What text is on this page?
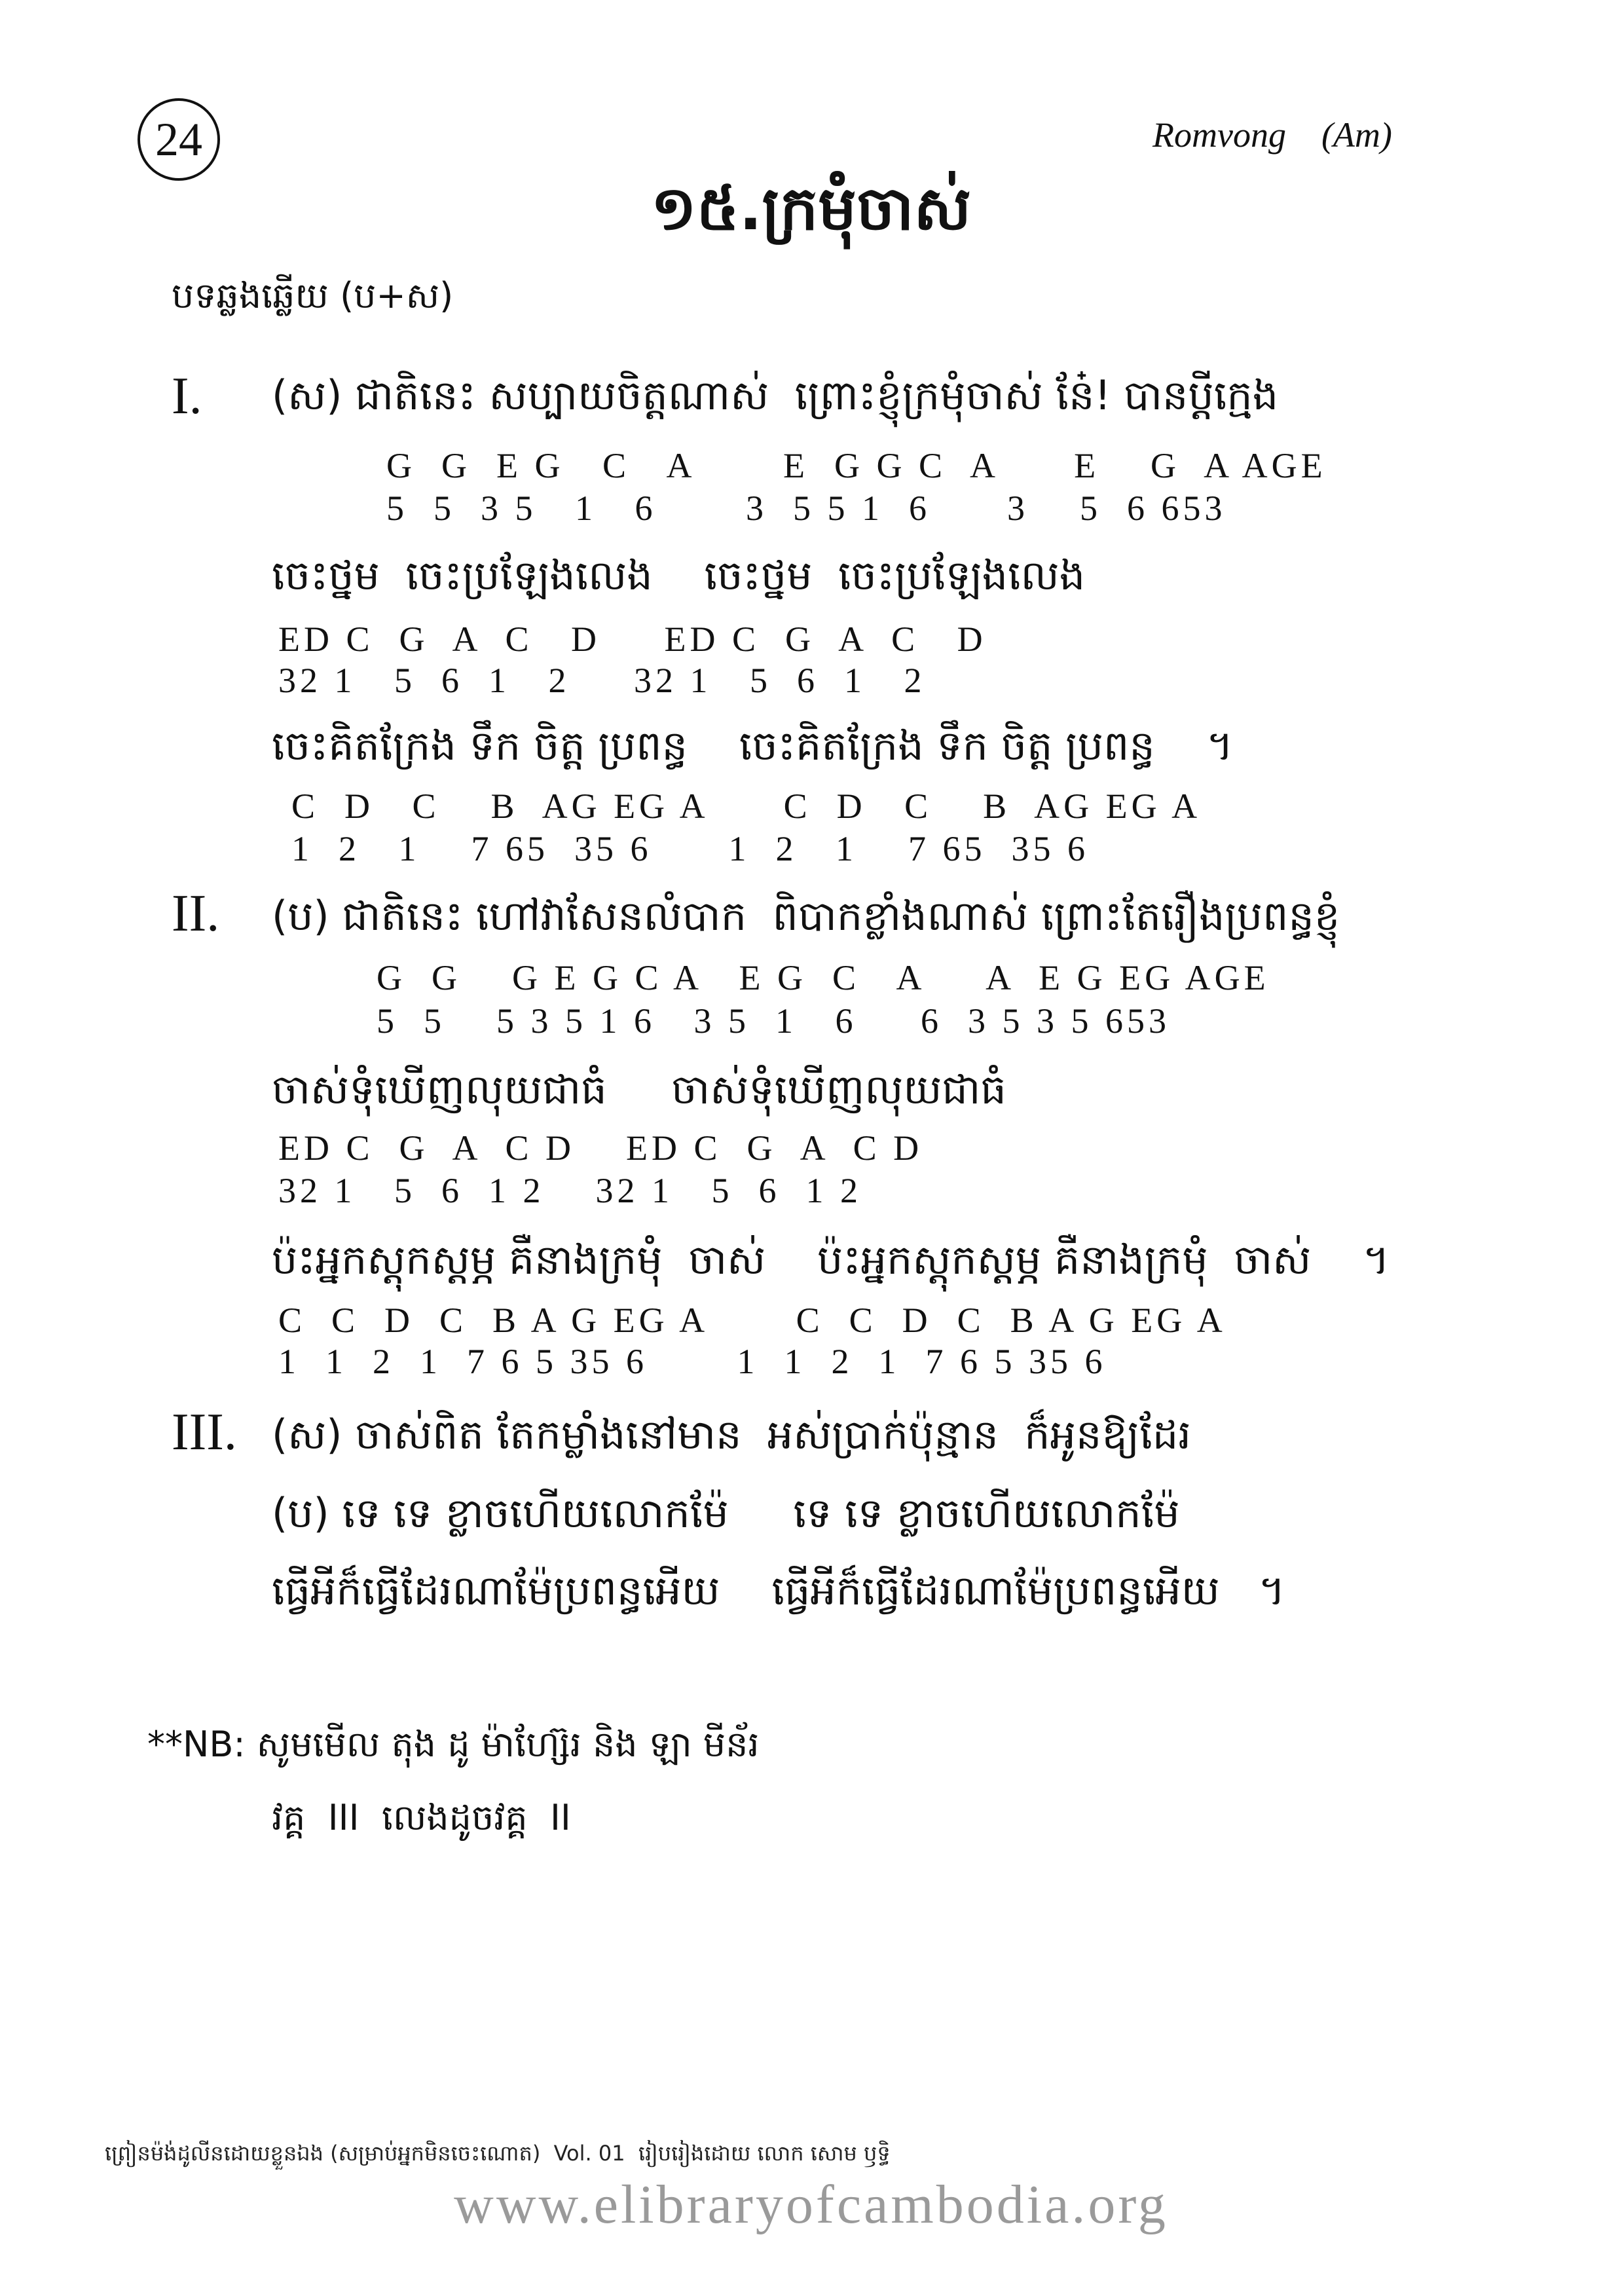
24	Romvong    (Am)
១៥.ក្រមុំចាស់
បទឆ្លងឆ្លើយ (ប+ស)
I. (ស) ជាតិនេះ សប្បាយចិត្តណាស់  ព្រោះខ្ញុំក្រមុំចាស់ នែ៎! បានប្តីក្មេង
G  G  E G   C   A       E  G G C  A      E    G  A AGE
5  5  3 5   1   6       3  5 5 1  6      3    5  6 653
ចេះថ្នម  ចេះប្រឡែងលេង    ចេះថ្នម  ចេះប្រឡែងលេង
ED C  G  A  C   D     ED C  G  A  C   D
32 1   5  6  1   2     32 1   5  6  1   2
ចេះគិតក្រែង ទឹក ចិត្ត ប្រពន្ធ    ចេះគិតក្រែង ទឹក ចិត្ត ប្រពន្ធ    ។
C  D   C    B  AG EG A      C  D   C    B  AG EG A
1  2   1    7 65  35 6      1  2   1    7 65  35 6
II. (ប) ជាតិនេះ ហៅវាសែនលំបាក  ពិបាកខ្លាំងណាស់ ព្រោះតែរឿងប្រពន្ធខ្ញុំ
G  G    G E G C A   E G  C   A     A  E G EG AGE
5  5    5 3 5 1 6   3 5  1   6     6  3 5 3 5 653
ចាស់ទុំឃើញលុយជាធំ     ចាស់ទុំឃើញលុយជាធំ
ED C  G  A  C D    ED C  G  A  C D
32 1   5  6  1 2    32 1   5  6  1 2
ប៉ះអ្នកស្តុកស្តម្ភ គឺនាងក្រមុំ  ចាស់    ប៉ះអ្នកស្តុកស្តម្ភ គឺនាងក្រមុំ  ចាស់    ។
C  C  D  C  B A G EG A       C  C  D  C  B A G EG A
1  1  2  1  7 6 5 35 6       1  1  2  1  7 6 5 35 6
III. (ស) ចាស់ពិត តែកម្លាំងនៅមាន  អស់ប្រាក់ប៉ុន្មាន  ក៏អូនឱ្យដែរ
(ប) ទេ ទេ ខ្លាចហើយលោកម៉ែ     ទេ ទេ ខ្លាចហើយលោកម៉ែ
ធ្វើអីក៏ធ្វើដែរណាម៉ែប្រពន្ធអើយ    ធ្វើអីក៏ធ្វើដែរណាម៉ែប្រពន្ធអើយ   ។
**NB: សូមមើល តុង ដូ ម៉ាហ្ស៊ែរ និង ឡា មីន័រ
វគ្គ  III  លេងដូចវគ្គ  II
ព្រៀនម៉ង់ដូលីនដោយខ្លួនឯង (សម្រាប់អ្នកមិនចេះណោត)  Vol. 01  រៀបរៀងដោយ លោក សោម ឫទ្ធិ
www.elibraryofcambodia.org
